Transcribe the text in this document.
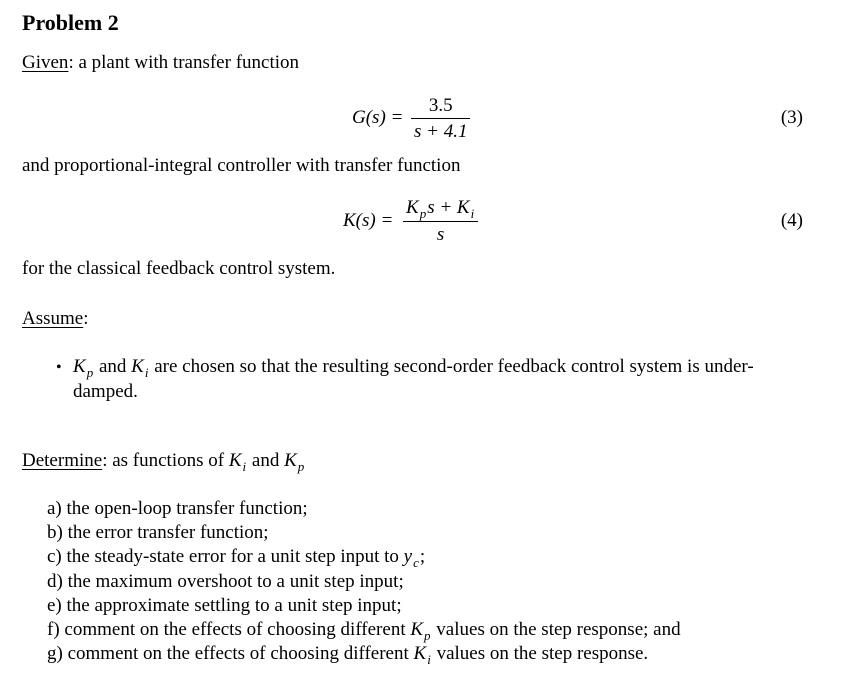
Problem 2
Given: a plant with transfer function
G(s) =
3.5
s + 4.1
(3)
and proportional-integral controller with transfer function
K(s) =
$K_ps + K_i$
s
(4)
for the classical feedback control system.
Assume:
• $K_p$ and $K_i$ are chosen so that the resulting second-order feedback control system is under-
damped.
Determine: as functions of $K_i$ and $K_p$
a) the open-loop transfer function;
b) the error transfer function;
c) the steady-state error for a unit step input to $y_c$;
d) the maximum overshoot to a unit step input;
e) the approximate settling to a unit step input;
f) comment on the effects of choosing different $K_p$ values on the step response; and
g) comment on the effects of choosing different $K_i$ values on the step response.
